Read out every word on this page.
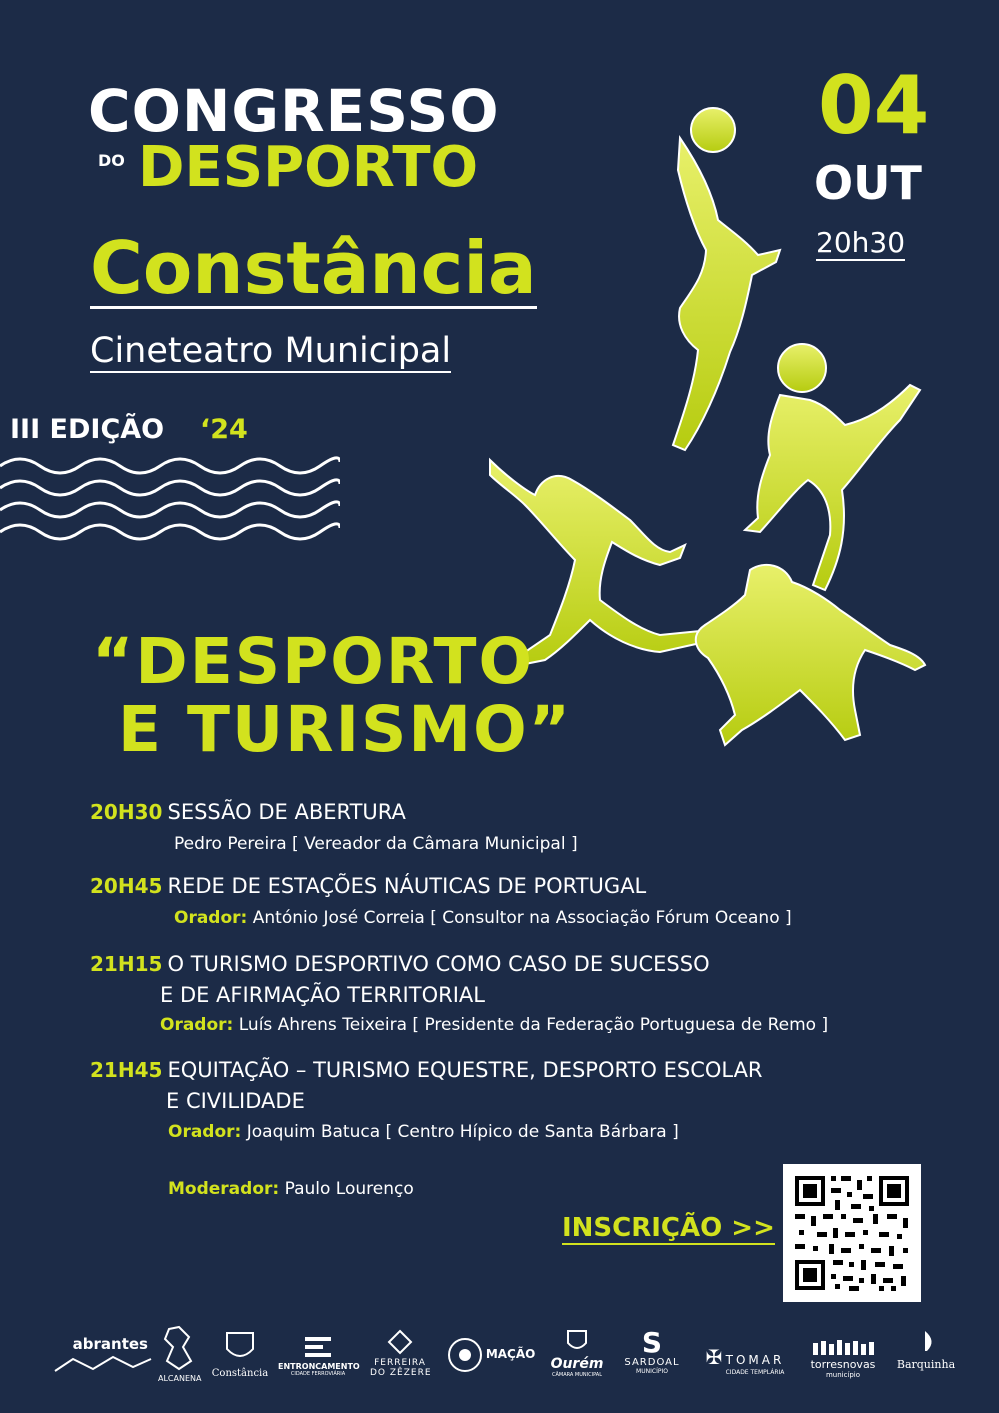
CONGRESSO
DO DESPORTO
Constância
Cineteatro Municipal
III EDIÇÃO ‘24
04
OUT
20h30
“DESPORTO
E TURISMO”
20H30 SESSÃO DE ABERTURA
Pedro Pereira [ Vereador da Câmara Municipal ]
20H45 REDE DE ESTAÇÕES NÁUTICAS DE PORTUGAL
Orador: António José Correia [ Consultor na Associação Fórum Oceano ]
21H15 O TURISMO DESPORTIVO COMO CASO DE SUCESSO
E DE AFIRMAÇÃO TERRITORIAL
Orador: Luís Ahrens Teixeira [ Presidente da Federação Portuguesa de Remo ]
21H45 EQUITAÇÃO – TURISMO EQUESTRE, DESPORTO ESCOLAR
E CIVILIDADE
Orador: Joaquim Batuca [ Centro Hípico de Santa Bárbara ]
Moderador: Paulo Lourenço
INSCRIÇÃO >>
abrantes
ALCANENA Constância
ENTRONCAMENTO
CIDADE FERROVIÁRIA
FERREIRA
DO ZÊZERE
MAÇÃO
Ourém
CÂMARA MUNICIPAL
S
SARDOAL
MUNICÍPIO
✠ TOMAR
CIDADE TEMPLÁRIA
torresnovas
município
Barquinha
